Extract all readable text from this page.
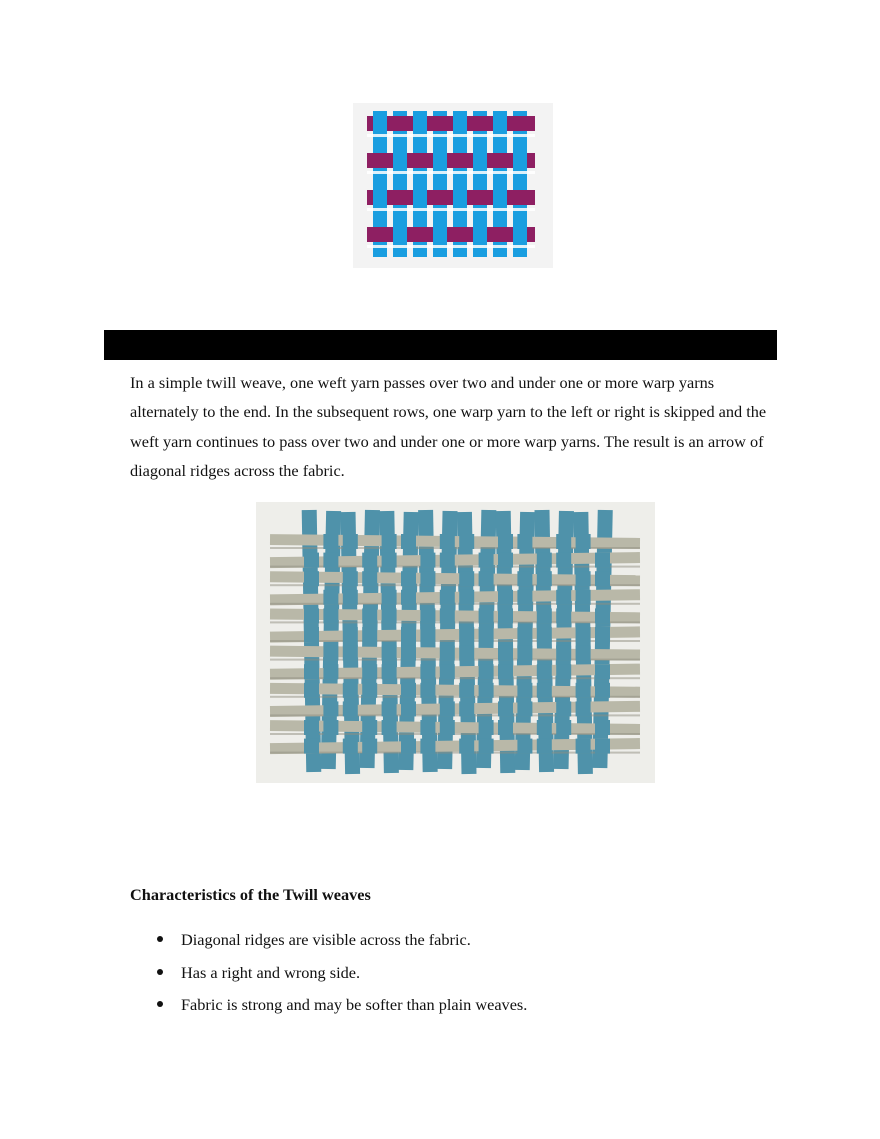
In a simple twill weave, one weft yarn passes over two and under one or more warp yarns alternately to the end. In the subsequent rows, one warp yarn to the left or right is skipped and the weft yarn continues to pass over two and under one or more warp yarns. The result is an arrow of diagonal ridges across the fabric.

Characteristics of the Twill weaves
Diagonal ridges are visible across the fabric.
Has a right and wrong side.
Fabric is strong and may be softer than plain weaves.
